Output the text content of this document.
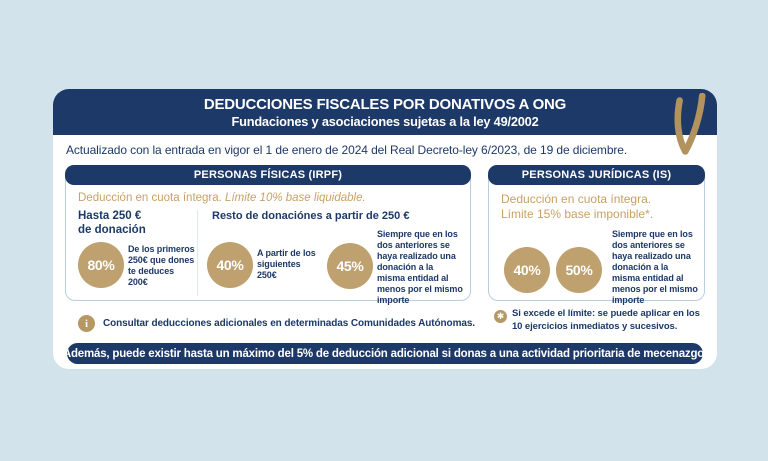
DEDUCCIONES FISCALES POR DONATIVOS A ONG
Fundaciones y asociaciones sujetas a la ley 49/2002
Actualizado con la entrada en vigor el 1 de enero de 2024 del Real Decreto-ley 6/2023, de 19 de diciembre.
PERSONAS FÍSICAS (IRPF)
Deducción en cuota íntegra. Límite 10% base liquidable.
Hasta 250 €
de donación
80%
De los primeros 250€ que dones te deduces 200€
Resto de donaciónes a partir de 250 €
40%
A partir de los siguientes 250€
45%
Siempre que en los dos anteriores se haya realizado una donación a la misma entidad al menos por el mismo importe
PERSONAS JURÍDICAS (IS)
Deducción en cuota íntegra.
Límite 15% base imponible*.
40%	50%
Siempre que en los dos anteriores se haya realizado una donación a la misma entidad al menos por el mismo importe
i	Consultar deducciones adicionales en determinadas Comunidades Autónomas.
✱ Si excede el límite: se puede aplicar en los
10 ejercicios inmediatos y sucesivos.
Además, puede existir hasta un máximo del 5% de deducción adicional si donas a una actividad prioritaria de mecenazgo.
